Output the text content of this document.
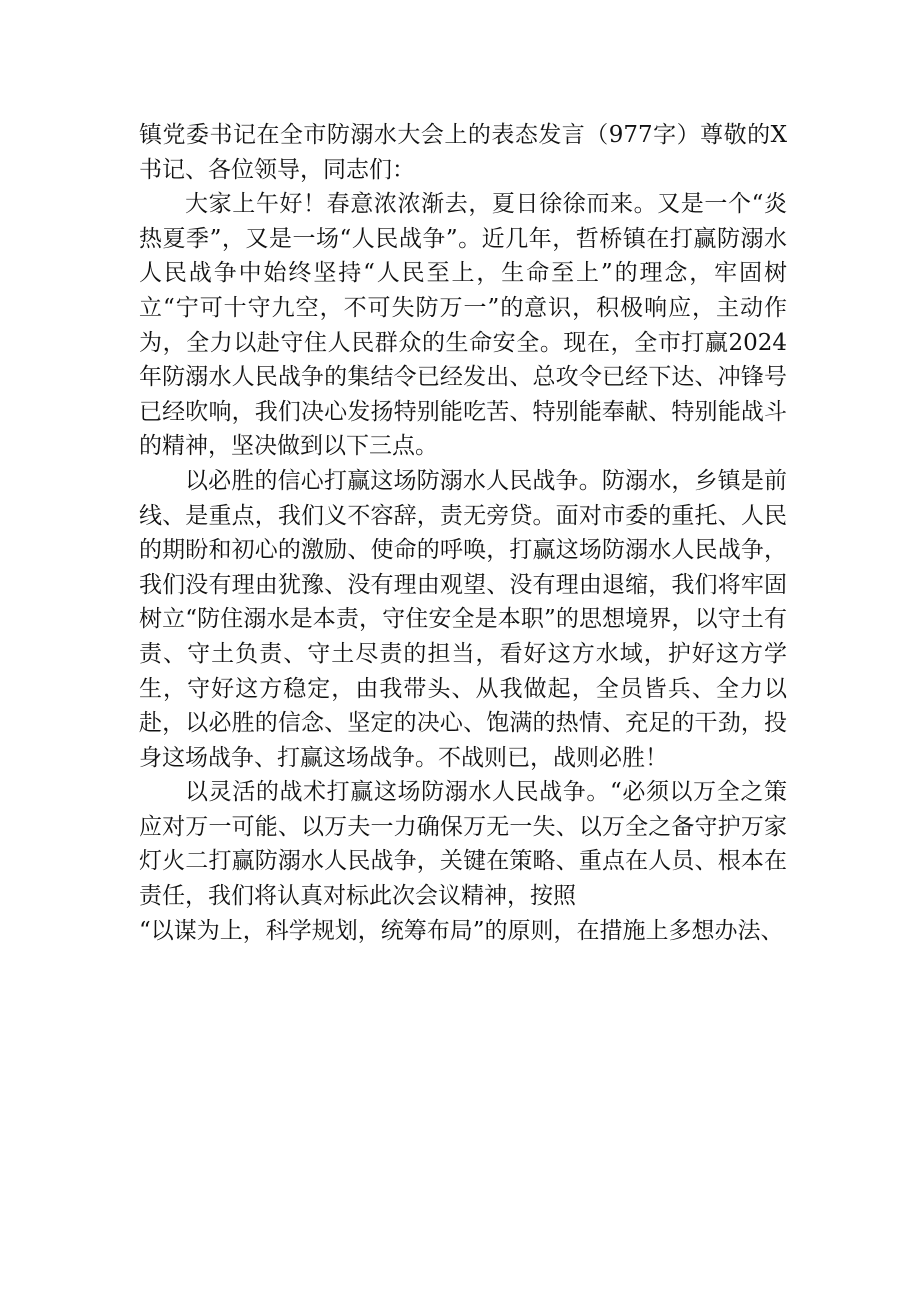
镇党委书记在全市防溺水大会上的表态发言（977字）尊敬的X书记、各位领导，同志们：

大家上午好！春意浓浓渐去，夏日徐徐而来。又是一个“炎热夏季”，又是一场“人民战争”。近几年，哲桥镇在打赢防溺水人民战争中始终坚持“人民至上，生命至上”的理念，牢固树立“宁可十守九空，不可失防万一”的意识，积极响应，主动作为，全力以赴守住人民群众的生命安全。现在，全市打赢2024年防溺水人民战争的集结令已经发出、总攻令已经下达、冲锋号已经吹响，我们决心发扬特别能吃苦、特别能奉献、特别能战斗的精神，坚决做到以下三点。

以必胜的信心打赢这场防溺水人民战争。防溺水，乡镇是前线、是重点，我们义不容辞，责无旁贷。面对市委的重托、人民的期盼和初心的激励、使命的呼唤，打赢这场防溺水人民战争，我们没有理由犹豫、没有理由观望、没有理由退缩，我们将牢固树立“防住溺水是本责，守住安全是本职”的思想境界，以守土有责、守土负责、守土尽责的担当，看好这方水域，护好这方学生，守好这方稳定，由我带头、从我做起，全员皆兵、全力以赴，以必胜的信念、坚定的决心、饱满的热情、充足的干劲，投身这场战争、打赢这场战争。不战则已，战则必胜！

以灵活的战术打赢这场防溺水人民战争。“必须以万全之策应对万一可能、以万夫一力确保万无一失、以万全之备守护万家灯火二打赢防溺水人民战争，关键在策略、重点在人员、根本在责任，我们将认真对标此次会议精神，按照

“以谋为上，科学规划，统筹布局”的原则，在措施上多想办法、
